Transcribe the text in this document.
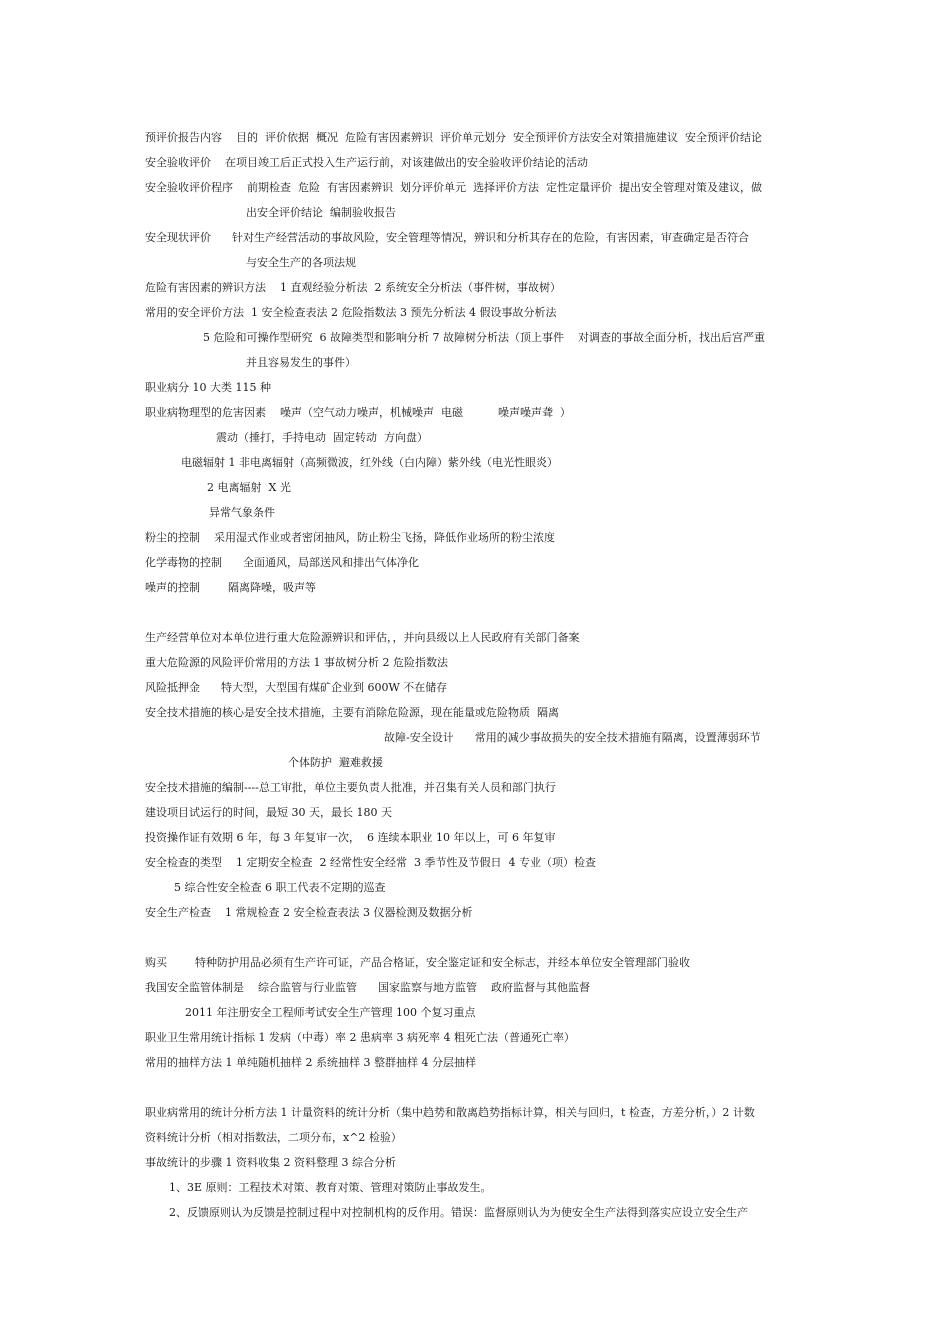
预评价报告内容    目的  评价依据  概况  危险有害因素辨识  评价单元划分  安全预评价方法安全对策措施建议  安全预评价结论
安全验收评价    在项目竣工后正式投入生产运行前，对该建做出的安全验收评价结论的活动
安全验收评价程序    前期检查  危险  有害因素辨识  划分评价单元  选择评价方法  定性定量评价  提出安全管理对策及建议，做
出安全评价结论  编制验收报告
安全现状评价      针对生产经营活动的事故风险，安全管理等情况，辨识和分析其存在的危险，有害因素，审查确定是否符合
与安全生产的各项法规
危险有害因素的辨识方法    1 直观经验分析法  2 系统安全分析法（事件树，事故树）
常用的安全评价方法  1 安全检查表法 2 危险指数法 3 预先分析法 4 假设事故分析法
5 危险和可操作型研究  6 故障类型和影响分析 7 故障树分析法（顶上事件    对调查的事故全面分析，找出后宫严重
并且容易发生的事件）
职业病分 10 大类 115 种
职业病物理型的危害因素    噪声（空气动力噪声，机械噪声  电磁          噪声噪声聋  ）
震动（捶打，手持电动  固定转动  方向盘）
电磁辐射 1 非电离辐射（高频微波，红外线（白内障）紫外线（电光性眼炎）
2 电离辐射  X 光
异常气象条件
粉尘的控制    采用湿式作业或者密闭抽风，防止粉尘飞扬，降低作业场所的粉尘浓度
化学毒物的控制      全面通风，局部送风和排出气体净化
噪声的控制        隔离降噪，吸声等
生产经营单位对本单位进行重大危险源辨识和评估，，并向县级以上人民政府有关部门备案
重大危险源的风险评价常用的方法 1 事故树分析 2 危险指数法
风险抵押金      特大型，大型国有煤矿企业到 600W 不在储存
安全技术措施的核心是安全技术措施，主要有消除危险源，现在能量或危险物质  隔离
故障-安全设计      常用的减少事故损失的安全技术措施有隔离，设置薄弱环节
个体防护  避难救援
安全技术措施的编制----总工审批，单位主要负责人批准，并召集有关人员和部门执行
建设项目试运行的时间，最短 30 天，最长 180 天
投资操作证有效期 6 年，每 3 年复审一次，  6 连续本职业 10 年以上，可 6 年复审
安全检查的类型    1 定期安全检查  2 经常性安全经常  3 季节性及节假日  4 专业（项）检查
5 综合性安全检查 6 职工代表不定期的巡查
安全生产检查    1 常规检查 2 安全检查表法 3 仪器检测及数据分析
购买        特种防护用品必须有生产许可证，产品合格证，安全鉴定证和安全标志，并经本单位安全管理部门验收
我国安全监管体制是    综合监管与行业监管      国家监察与地方监管    政府监督与其他监督
2011 年注册安全工程师考试安全生产管理 100 个复习重点
职业卫生常用统计指标 1 发病（中毒）率 2 患病率 3 病死率 4 粗死亡法（普通死亡率）
常用的抽样方法 1 单纯随机抽样 2 系统抽样 3 整群抽样 4 分层抽样
职业病常用的统计分析方法 1 计量资料的统计分析（集中趋势和散离趋势指标计算，相关与回归，t 检查，方差分析，）2 计数
资料统计分析（相对指数法，二项分布，x^2 检验）
事故统计的步骤 1 资料收集 2 资料整理 3 综合分析
1、3E 原则：工程技术对策、教育对策、管理对策防止事故发生。
2、反馈原则认为反馈是控制过程中对控制机构的反作用。错误：监督原则认为为使安全生产法得到落实应设立安全生产
